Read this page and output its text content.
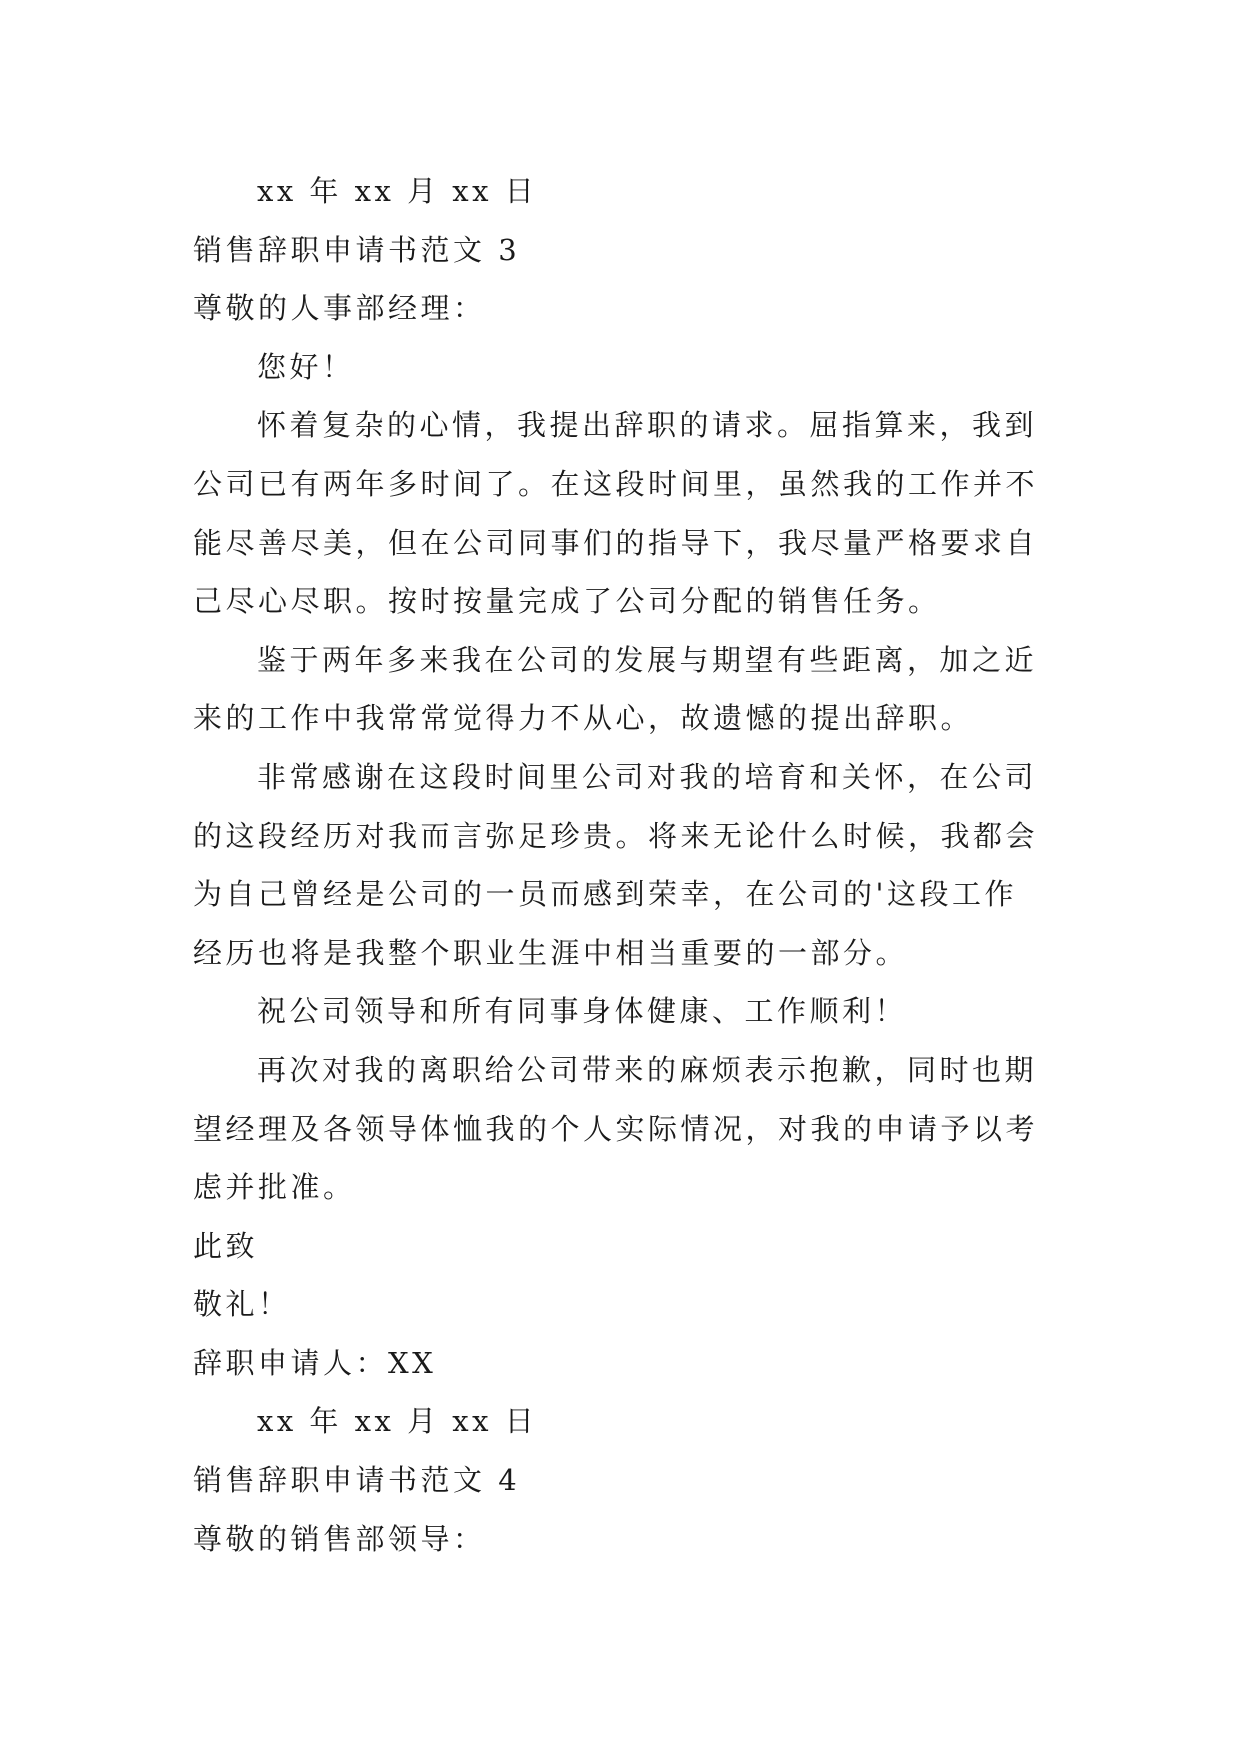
xx 年 xx 月 xx 日

销售辞职申请书范文 3

尊敬的人事部经理：

您好！

怀着复杂的心情，我提出辞职的请求。屈指算来，我到

公司已有两年多时间了。在这段时间里，虽然我的工作并不

能尽善尽美，但在公司同事们的指导下，我尽量严格要求自

己尽心尽职。按时按量完成了公司分配的销售任务。

鉴于两年多来我在公司的发展与期望有些距离，加之近

来的工作中我常常觉得力不从心，故遗憾的提出辞职。

非常感谢在这段时间里公司对我的培育和关怀，在公司

的这段经历对我而言弥足珍贵。将来无论什么时候，我都会

为自己曾经是公司的一员而感到荣幸，在公司的'这段工作

经历也将是我整个职业生涯中相当重要的一部分。

祝公司领导和所有同事身体健康、工作顺利！

再次对我的离职给公司带来的麻烦表示抱歉，同时也期

望经理及各领导体恤我的个人实际情况，对我的申请予以考

虑并批准。

此致

敬礼！

辞职申请人：XX

xx 年 xx 月 xx 日

销售辞职申请书范文 4

尊敬的销售部领导：
